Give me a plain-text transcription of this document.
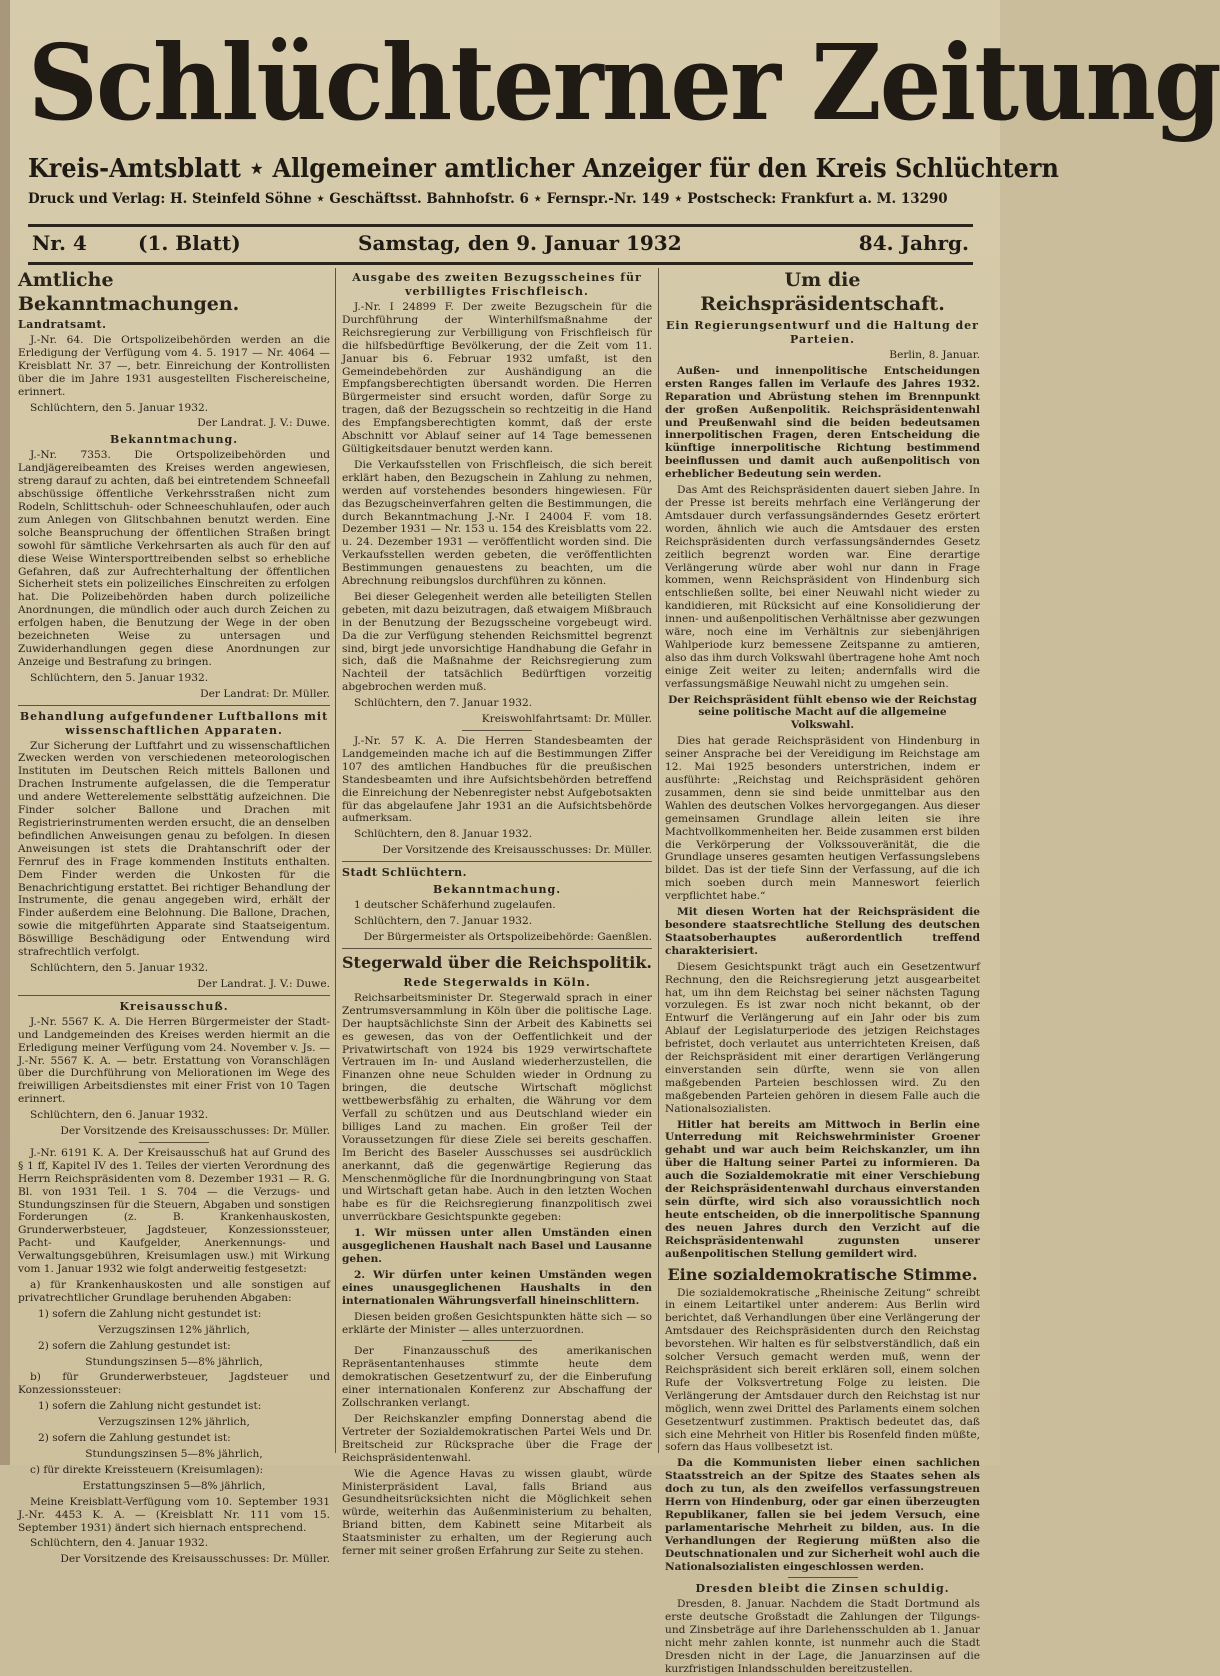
Schlüchterner Zeitung
Kreis-Amtsblatt ⋆ Allgemeiner amtlicher Anzeiger für den Kreis Schlüchtern
Druck und Verlag: H. Steinfeld Söhne ⋆ Geschäftsst. Bahnhofstr. 6 ⋆ Fernspr.-Nr. 149 ⋆ Postscheck: Frankfurt a. M. 13290
Nr. 4	(1. Blatt)	Samstag, den 9. Januar 1932	84. Jahrg.
Amtliche Bekanntmachungen.
Landratsamt.

J.-Nr. 64. Die Ortspolizeibehörden werden an die Erledigung der Verfügung vom 4. 5. 1917 — Nr. 4064 — Kreisblatt Nr. 37 —, betr. Einreichung der Kontrollisten über die im Jahre 1931 ausgestellten Fischereischeine, erinnert.

Schlüchtern, den 5. Januar 1932.

Der Landrat. J. V.: Duwe.

Bekanntmachung.

J.-Nr. 7353. Die Ortspolizeibehörden und Landjägereibeamten des Kreises werden angewiesen, streng darauf zu achten, daß bei eintretendem Schneefall abschüssige öffentliche Verkehrsstraßen nicht zum Rodeln, Schlittschuh- oder Schneeschuhlaufen, oder auch zum Anlegen von Glitschbahnen benutzt werden. Eine solche Beanspruchung der öffentlichen Straßen bringt sowohl für sämtliche Verkehrsarten als auch für den auf diese Weise Wintersporttreibenden selbst so erhebliche Gefahren, daß zur Aufrechterhaltung der öffentlichen Sicherheit stets ein polizeiliches Einschreiten zu erfolgen hat. Die Polizeibehörden haben durch polizeiliche Anordnungen, die mündlich oder auch durch Zeichen zu erfolgen haben, die Benutzung der Wege in der oben bezeichneten Weise zu untersagen und Zuwiderhandlungen gegen diese Anordnungen zur Anzeige und Bestrafung zu bringen.

Schlüchtern, den 5. Januar 1932.

Der Landrat: Dr. Müller.

Behandlung aufgefundener Luftballons mit wissenschaftlichen Apparaten.

Zur Sicherung der Luftfahrt und zu wissenschaftlichen Zwecken werden von verschiedenen meteorologischen Instituten im Deutschen Reich mittels Ballonen und Drachen Instrumente aufgelassen, die die Temperatur und andere Wetterelemente selbsttätig aufzeichnen. Die Finder solcher Ballone und Drachen mit Registrierinstrumenten werden ersucht, die an denselben befindlichen Anweisungen genau zu befolgen. In diesen Anweisungen ist stets die Drahtanschrift oder der Fernruf des in Frage kommenden Instituts enthalten. Dem Finder werden die Unkosten für die Benachrichtigung erstattet. Bei richtiger Behandlung der Instrumente, die genau angegeben wird, erhält der Finder außerdem eine Belohnung. Die Ballone, Drachen, sowie die mitgeführten Apparate sind Staatseigentum. Böswillige Beschädigung oder Entwendung wird strafrechtlich verfolgt.

Schlüchtern, den 5. Januar 1932.

Der Landrat. J. V.: Duwe.

Kreisausschuß.

J.-Nr. 5567 K. A. Die Herren Bürgermeister der Stadt- und Landgemeinden des Kreises werden hiermit an die Erledigung meiner Verfügung vom 24. November v. Js. — J.-Nr. 5567 K. A. — betr. Erstattung von Voranschlägen über die Durchführung von Meliorationen im Wege des freiwilligen Arbeitsdienstes mit einer Frist von 10 Tagen erinnert.

Schlüchtern, den 6. Januar 1932.

Der Vorsitzende des Kreisausschusses: Dr. Müller.

J.-Nr. 6191 K. A. Der Kreisausschuß hat auf Grund des § 1 ff, Kapitel IV des 1. Teiles der vierten Verordnung des Herrn Reichspräsidenten vom 8. Dezember 1931 — R. G. Bl. von 1931 Teil. 1 S. 704 — die Verzugs- und Stundungszinsen für die Steuern, Abgaben und sonstigen Forderungen (z. B. Krankenhauskosten, Grunderwerbsteuer, Jagdsteuer, Konzessionssteuer, Pacht- und Kaufgelder, Anerkennungs- und Verwaltungsgebühren, Kreisumlagen usw.) mit Wirkung vom 1. Januar 1932 wie folgt anderweitig festgesetzt:

a) für Krankenhauskosten und alle sonstigen auf privatrechtlicher Grundlage beruhenden Abgaben:

1) sofern die Zahlung nicht gestundet ist:

Verzugszinsen 12% jährlich,

2) sofern die Zahlung gestundet ist:

Stundungszinsen 5—8% jährlich,

b) für Grunderwerbsteuer, Jagdsteuer und Konzessionssteuer:

1) sofern die Zahlung nicht gestundet ist:

Verzugszinsen 12% jährlich,

2) sofern die Zahlung gestundet ist:

Stundungszinsen 5—8% jährlich,

c) für direkte Kreissteuern (Kreisumlagen):

Erstattungszinsen 5—8% jährlich,

Meine Kreisblatt-Verfügung vom 10. September 1931 J.-Nr. 4453 K. A. — (Kreisblatt Nr. 111 vom 15. September 1931) ändert sich hiernach entsprechend.

Schlüchtern, den 4. Januar 1932.

Der Vorsitzende des Kreisausschusses: Dr. Müller.

Ausgabe des zweiten Bezugsscheines für verbilligtes Frischfleisch.

J.-Nr. I 24899 F. Der zweite Bezugschein für die Durchführung der Winterhilfsmaßnahme der Reichsregierung zur Verbilligung von Frischfleisch für die hilfsbedürftige Bevölkerung, der die Zeit vom 11. Januar bis 6. Februar 1932 umfaßt, ist den Gemeindebehörden zur Aushändigung an die Empfangsberechtigten übersandt worden. Die Herren Bürgermeister sind ersucht worden, dafür Sorge zu tragen, daß der Bezugsschein so rechtzeitig in die Hand des Empfangsberechtigten kommt, daß der erste Abschnitt vor Ablauf seiner auf 14 Tage bemessenen Gültigkeitsdauer benutzt werden kann.

Die Verkaufsstellen von Frischfleisch, die sich bereit erklärt haben, den Bezugschein in Zahlung zu nehmen, werden auf vorstehendes besonders hingewiesen. Für das Bezugscheinverfahren gelten die Bestimmungen, die durch Bekanntmachung J.-Nr. I 24004 F. vom 18. Dezember 1931 — Nr. 153 u. 154 des Kreisblatts vom 22. u. 24. Dezember 1931 — veröffentlicht worden sind. Die Verkaufsstellen werden gebeten, die veröffentlichten Bestimmungen genauestens zu beachten, um die Abrechnung reibungslos durchführen zu können.

Bei dieser Gelegenheit werden alle beteiligten Stellen gebeten, mit dazu beizutragen, daß etwaigem Mißbrauch in der Benutzung der Bezugsscheine vorgebeugt wird. Da die zur Verfügung stehenden Reichsmittel begrenzt sind, birgt jede unvorsichtige Handhabung die Gefahr in sich, daß die Maßnahme der Reichsregierung zum Nachteil der tatsächlich Bedürftigen vorzeitig abgebrochen werden muß.

Schlüchtern, den 7. Januar 1932.

Kreiswohlfahrtsamt: Dr. Müller.

J.-Nr. 57 K. A. Die Herren Standesbeamten der Landgemeinden mache ich auf die Bestimmungen Ziffer 107 des amtlichen Handbuches für die preußischen Standesbeamten und ihre Aufsichtsbehörden betreffend die Einreichung der Nebenregister nebst Aufgebotsakten für das abgelaufene Jahr 1931 an die Aufsichtsbehörde aufmerksam.

Schlüchtern, den 8. Januar 1932.

Der Vorsitzende des Kreisausschusses: Dr. Müller.

Stadt Schlüchtern.
Bekanntmachung.

1 deutscher Schäferhund zugelaufen.

Schlüchtern, den 7. Januar 1932.

Der Bürgermeister als Ortspolizeibehörde: Gaenßlen.

Stegerwald über die Reichspolitik.
Rede Stegerwalds in Köln.

Reichsarbeitsminister Dr. Stegerwald sprach in einer Zentrumsversammlung in Köln über die politische Lage. Der hauptsächlichste Sinn der Arbeit des Kabinetts sei es gewesen, das von der Oeffentlichkeit und der Privatwirtschaft von 1924 bis 1929 verwirtschaftete Vertrauen im In- und Ausland wiederherzustellen, die Finanzen ohne neue Schulden wieder in Ordnung zu bringen, die deutsche Wirtschaft möglichst wettbewerbsfähig zu erhalten, die Währung vor dem Verfall zu schützen und aus Deutschland wieder ein billiges Land zu machen. Ein großer Teil der Voraussetzungen für diese Ziele sei bereits geschaffen. Im Bericht des Baseler Ausschusses sei ausdrücklich anerkannt, daß die gegenwärtige Regierung das Menschenmögliche für die Inordnungbringung von Staat und Wirtschaft getan habe. Auch in den letzten Wochen habe es für die Reichsregierung finanzpolitisch zwei unverrückbare Gesichtspunkte gegeben:

1. Wir müssen unter allen Umständen einen ausgeglichenen Haushalt nach Basel und Lausanne gehen.

2. Wir dürfen unter keinen Umständen wegen eines unausgeglichenen Haushalts in den internationalen Währungsverfall hineinschlittern.

Diesen beiden großen Gesichtspunkten hätte sich — so erklärte der Minister — alles unterzuordnen.

Der Finanzausschuß des amerikanischen Repräsentantenhauses stimmte heute dem demokratischen Gesetzentwurf zu, der die Einberufung einer internationalen Konferenz zur Abschaffung der Zollschranken verlangt.

Der Reichskanzler empfing Donnerstag abend die Vertreter der Sozialdemokratischen Partei Wels und Dr. Breitscheid zur Rücksprache über die Frage der Reichspräsidentenwahl.

Wie die Agence Havas zu wissen glaubt, würde Ministerpräsident Laval, falls Briand aus Gesundheitsrücksichten nicht die Möglichkeit sehen würde, weiterhin das Außenministerium zu behalten, Briand bitten, dem Kabinett seine Mitarbeit als Staatsminister zu erhalten, um der Regierung auch ferner mit seiner großen Erfahrung zur Seite zu stehen.

Um die Reichspräsidentschaft.
Ein Regierungsentwurf und die Haltung der Parteien.

Berlin, 8. Januar.

Außen- und innenpolitische Entscheidungen ersten Ranges fallen im Verlaufe des Jahres 1932. Reparation und Abrüstung stehen im Brennpunkt der großen Außenpolitik. Reichspräsidentenwahl und Preußenwahl sind die beiden bedeutsamen innerpolitischen Fragen, deren Entscheidung die künftige innerpolitische Richtung bestimmend beeinflussen und damit auch außenpolitisch von erheblicher Bedeutung sein werden.

Das Amt des Reichspräsidenten dauert sieben Jahre. In der Presse ist bereits mehrfach eine Verlängerung der Amtsdauer durch verfassungsänderndes Gesetz erörtert worden, ähnlich wie auch die Amtsdauer des ersten Reichspräsidenten durch verfassungsänderndes Gesetz zeitlich begrenzt worden war. Eine derartige Verlängerung würde aber wohl nur dann in Frage kommen, wenn Reichspräsident von Hindenburg sich entschließen sollte, bei einer Neuwahl nicht wieder zu kandidieren, mit Rücksicht auf eine Konsolidierung der innen- und außenpolitischen Verhältnisse aber gezwungen wäre, noch eine im Verhältnis zur siebenjährigen Wahlperiode kurz bemessene Zeitspanne zu amtieren, also das ihm durch Volkswahl übertragene hohe Amt noch einige Zeit weiter zu leiten; andernfalls wird die verfassungsmäßige Neuwahl nicht zu umgehen sein.

Der Reichspräsident fühlt ebenso wie der Reichstag seine politische Macht auf die allgemeine Volkswahl.

Dies hat gerade Reichspräsident von Hindenburg in seiner Ansprache bei der Vereidigung im Reichstage am 12. Mai 1925 besonders unterstrichen, indem er ausführte: „Reichstag und Reichspräsident gehören zusammen, denn sie sind beide unmittelbar aus den Wahlen des deutschen Volkes hervorgegangen. Aus dieser gemeinsamen Grundlage allein leiten sie ihre Machtvollkommenheiten her. Beide zusammen erst bilden die Verkörperung der Volkssouveränität, die die Grundlage unseres gesamten heutigen Verfassungslebens bildet. Das ist der tiefe Sinn der Verfassung, auf die ich mich soeben durch mein Manneswort feierlich verpflichtet habe.“

Mit diesen Worten hat der Reichspräsident die besondere staatsrechtliche Stellung des deutschen Staatsoberhauptes außerordentlich treffend charakterisiert.

Diesem Gesichtspunkt trägt auch ein Gesetzentwurf Rechnung, den die Reichsregierung jetzt ausgearbeitet hat, um ihn dem Reichstag bei seiner nächsten Tagung vorzulegen. Es ist zwar noch nicht bekannt, ob der Entwurf die Verlängerung auf ein Jahr oder bis zum Ablauf der Legislaturperiode des jetzigen Reichstages befristet, doch verlautet aus unterrichteten Kreisen, daß der Reichspräsident mit einer derartigen Verlängerung einverstanden sein dürfte, wenn sie von allen maßgebenden Parteien beschlossen wird. Zu den maßgebenden Parteien gehören in diesem Falle auch die Nationalsozialisten.

Hitler hat bereits am Mittwoch in Berlin eine Unterredung mit Reichswehrminister Groener gehabt und war auch beim Reichskanzler, um ihn über die Haltung seiner Partei zu informieren. Da auch die Sozialdemokratie mit einer Verschiebung der Reichspräsidentenwahl durchaus einverstanden sein dürfte, wird sich also voraussichtlich noch heute entscheiden, ob die innerpolitische Spannung des neuen Jahres durch den Verzicht auf die Reichspräsidentenwahl zugunsten unserer außenpolitischen Stellung gemildert wird.

Eine sozialdemokratische Stimme.

Die sozialdemokratische „Rheinische Zeitung“ schreibt in einem Leitartikel unter anderem: Aus Berlin wird berichtet, daß Verhandlungen über eine Verlängerung der Amtsdauer des Reichspräsidenten durch den Reichstag bevorstehen. Wir halten es für selbstverständlich, daß ein solcher Versuch gemacht werden muß, wenn der Reichspräsident sich bereit erklären soll, einem solchen Rufe der Volksvertretung Folge zu leisten. Die Verlängerung der Amtsdauer durch den Reichstag ist nur möglich, wenn zwei Drittel des Parlaments einem solchen Gesetzentwurf zustimmen. Praktisch bedeutet das, daß sich eine Mehrheit von Hitler bis Rosenfeld finden müßte, sofern das Haus vollbesetzt ist.

Da die Kommunisten lieber einen sachlichen Staatsstreich an der Spitze des Staates sehen als doch zu tun, als den zweifellos verfassungstreuen Herrn von Hindenburg, oder gar einen überzeugten Republikaner, fallen sie bei jedem Versuch, eine parlamentarische Mehrheit zu bilden, aus. In die Verhandlungen der Regierung müßten also die Deutschnationalen und zur Sicherheit wohl auch die Nationalsozialisten eingeschlossen werden.

Dresden bleibt die Zinsen schuldig.

Dresden, 8. Januar. Nachdem die Stadt Dortmund als erste deutsche Großstadt die Zahlungen der Tilgungs- und Zinsbeträge auf ihre Darlehensschulden ab 1. Januar nicht mehr zahlen konnte, ist nunmehr auch die Stadt Dresden nicht in der Lage, die Januarzinsen auf die kurzfristigen Inlandsschulden bereitzustellen.
